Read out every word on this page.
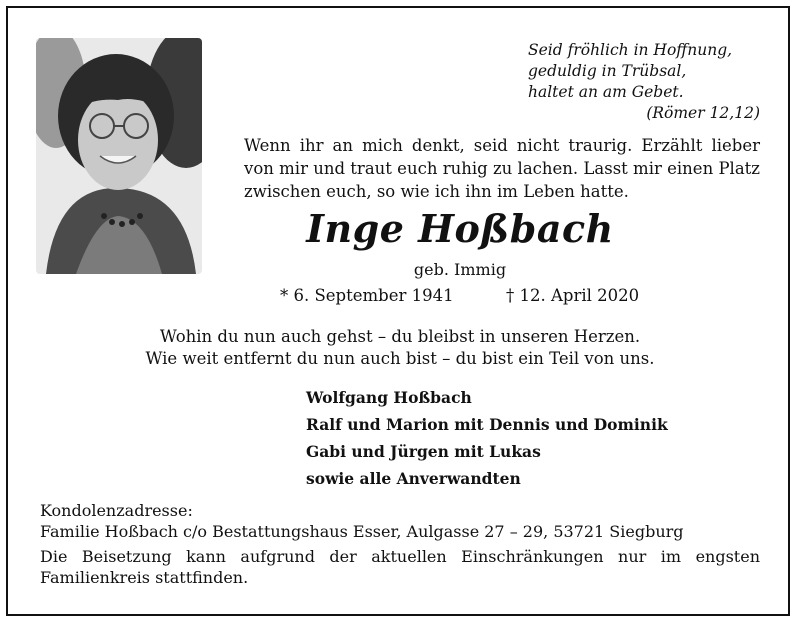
Seid fröhlich in Hoffnung,
geduldig in Trübsal,
haltet an am Gebet.
(Römer 12,12)
Wenn ihr an mich denkt, seid nicht traurig. Erzählt lieber von mir und traut euch ruhig zu lachen. Lasst mir einen Platz zwischen euch, so wie ich ihn im Leben hatte.
Inge Hoßbach
geb. Immig
* 6. September 1941	† 12. April 2020
Wohin du nun auch gehst – du bleibst in unseren Herzen.
Wie weit entfernt du nun auch bist – du bist ein Teil von uns.
Wolfgang Hoßbach
Ralf und Marion mit Dennis und Dominik
Gabi und Jürgen mit Lukas
sowie alle Anverwandten
Kondolenzadresse:
Familie Hoßbach c/o Bestattungshaus Esser, Aulgasse 27 – 29, 53721 Siegburg
Die Beisetzung kann aufgrund der aktuellen Einschränkungen nur im engsten Familienkreis stattfinden.
